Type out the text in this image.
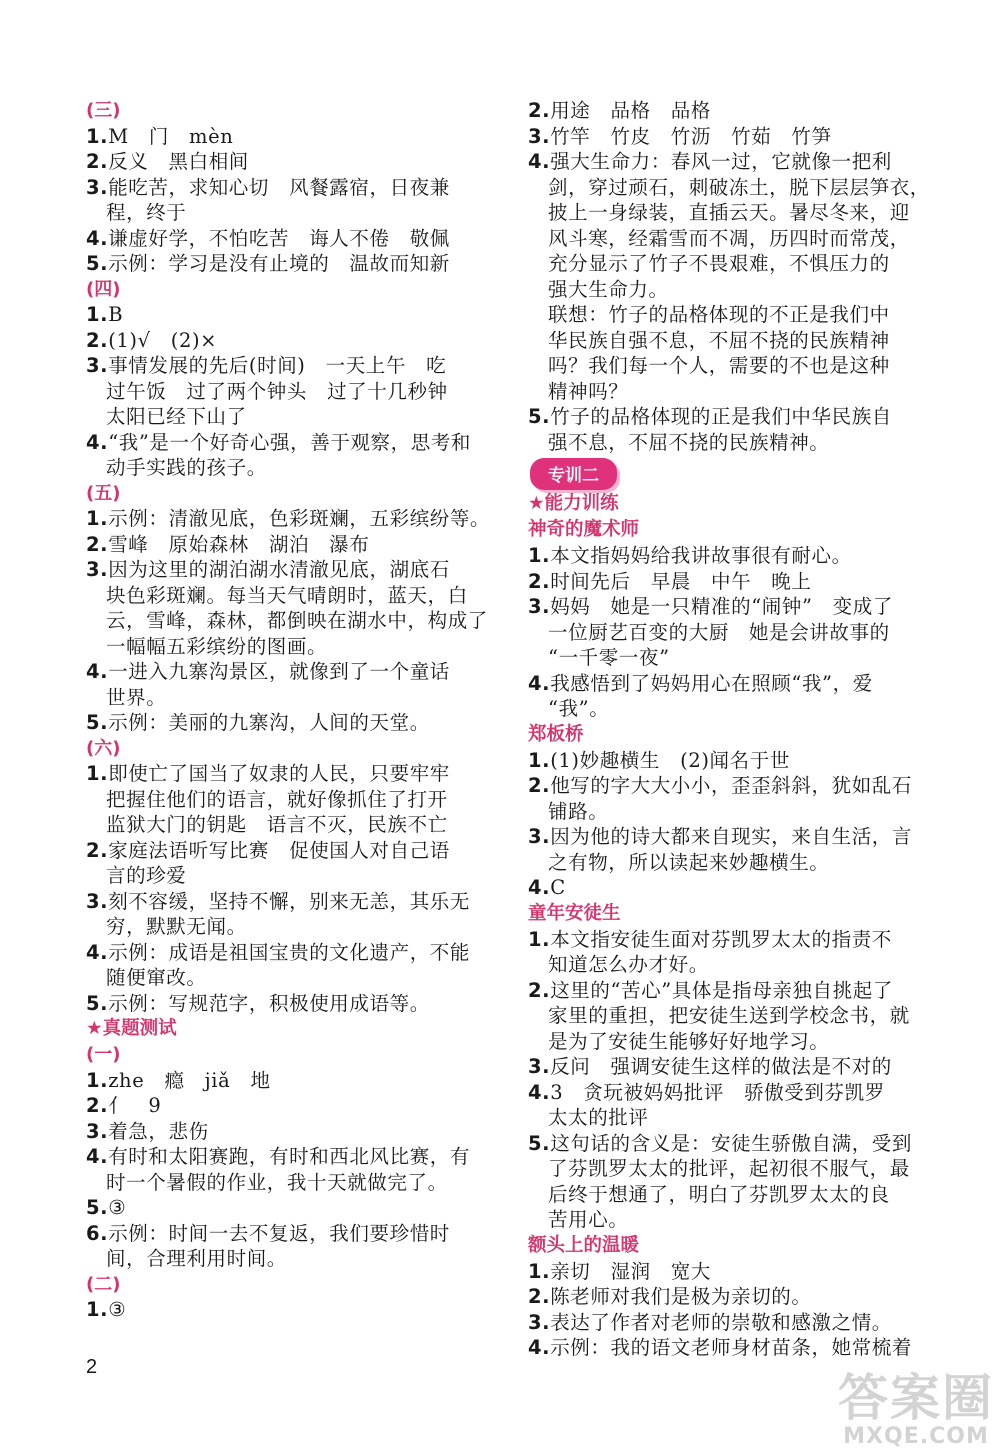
(三)
1.M　门　mèn
2.反义　黑白相间
3.能吃苦，求知心切　风餐露宿，日夜兼
程，终于
4.谦虚好学，不怕吃苦　诲人不倦　敬佩
5.示例：学习是没有止境的　温故而知新
(四)
1.B
2.(1)√　(2)×
3.事情发展的先后(时间)　一天上午　吃
过午饭　过了两个钟头　过了十几秒钟
太阳已经下山了
4.“我”是一个好奇心强，善于观察，思考和
动手实践的孩子。
(五)
1.示例：清澈见底，色彩斑斓，五彩缤纷等。
2.雪峰　原始森林　湖泊　瀑布
3.因为这里的湖泊湖水清澈见底，湖底石
块色彩斑斓。每当天气晴朗时，蓝天，白
云，雪峰，森林，都倒映在湖水中，构成了
一幅幅五彩缤纷的图画。
4.一进入九寨沟景区，就像到了一个童话
世界。
5.示例：美丽的九寨沟，人间的天堂。
(六)
1.即使亡了国当了奴隶的人民，只要牢牢
把握住他们的语言，就好像抓住了打开
监狱大门的钥匙　语言不灭，民族不亡
2.家庭法语听写比赛　促使国人对自己语
言的珍爱
3.刻不容缓，坚持不懈，别来无恙，其乐无
穷，默默无闻。
4.示例：成语是祖国宝贵的文化遗产，不能
随便窜改。
5.示例：写规范字，积极使用成语等。
★真题测试
(一)
1.zhe　瘾　jiǎ　地
2.亻　9
3.着急，悲伤
4.有时和太阳赛跑，有时和西北风比赛，有
时一个暑假的作业，我十天就做完了。
5.③
6.示例：时间一去不复返，我们要珍惜时
间，合理利用时间。
(二)
1.③
2.用途　品格　品格
3.竹竿　竹皮　竹沥　竹茹　竹笋
4.强大生命力：春风一过，它就像一把利
剑，穿过顽石，刺破冻土，脱下层层笋衣，
披上一身绿装，直插云天。暑尽冬来，迎
风斗寒，经霜雪而不凋，历四时而常茂，
充分显示了竹子不畏艰难，不惧压力的
强大生命力。
联想：竹子的品格体现的不正是我们中
华民族自强不息，不屈不挠的民族精神
吗？我们每一个人，需要的不也是这种
精神吗？
5.竹子的品格体现的正是我们中华民族自
强不息，不屈不挠的民族精神。
专训二
★能力训练
神奇的魔术师
1.本文指妈妈给我讲故事很有耐心。
2.时间先后　早晨　中午　晚上
3.妈妈　她是一只精准的“闹钟”　变成了
一位厨艺百变的大厨　她是会讲故事的
“一千零一夜”
4.我感悟到了妈妈用心在照顾“我”，爱
“我”。
郑板桥
1.(1)妙趣横生　(2)闻名于世
2.他写的字大大小小，歪歪斜斜，犹如乱石
铺路。
3.因为他的诗大都来自现实，来自生活，言
之有物，所以读起来妙趣横生。
4.C
童年安徒生
1.本文指安徒生面对芬凯罗太太的指责不
知道怎么办才好。
2.这里的“苦心”具体是指母亲独自挑起了
家里的重担，把安徒生送到学校念书，就
是为了安徒生能够好好地学习。
3.反问　强调安徒生这样的做法是不对的
4.3　贪玩被妈妈批评　骄傲受到芬凯罗
太太的批评
5.这句话的含义是：安徒生骄傲自满，受到
了芬凯罗太太的批评，起初很不服气，最
后终于想通了，明白了芬凯罗太太的良
苦用心。
额头上的温暖
1.亲切　湿润　宽大
2.陈老师对我们是极为亲切的。
3.表达了作者对老师的崇敬和感激之情。
4.示例：我的语文老师身材苗条，她常梳着
2
答案圈
MXQE.COM
